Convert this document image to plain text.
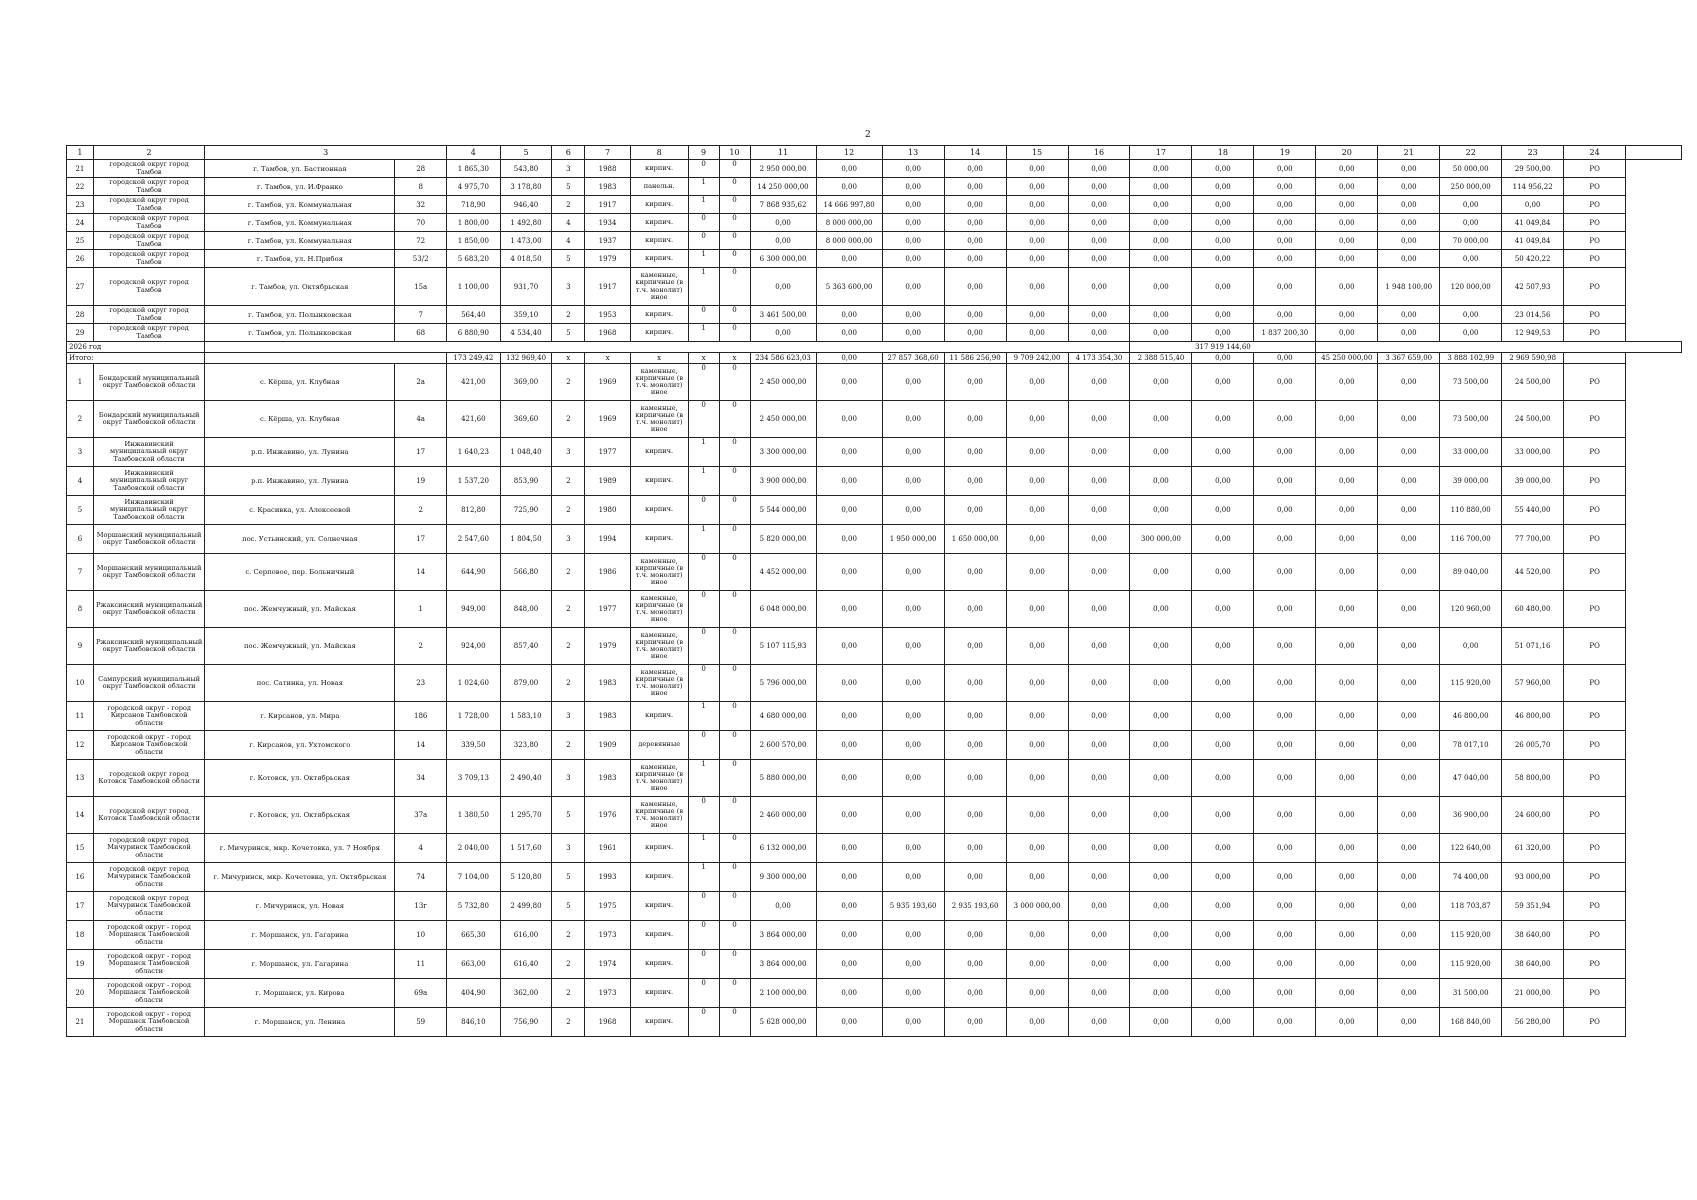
2
1	2	3		4	5	6	7	8	9	10	11	12	13	14	15	16	17	18	19	20	21	22	23	24	
21	городской округ город Тамбов	г. Тамбов, ул. Бастионная	28	1 865,30	543,80	3	1988	кирпич.	0	0	2 950 000,00	0,00	0,00	0,00	0,00	0,00	0,00	0,00	0,00	0,00	0,00	50 000,00	29 500,00	РО	
22	городской округ город Тамбов	г. Тамбов, ул. И.Франко	8	4 975,70	3 178,80	5	1983	панельн.	1	0	14 250 000,00	0,00	0,00	0,00	0,00	0,00	0,00	0,00	0,00	0,00	0,00	250 000,00	114 956,22	РО	
23	городской округ город Тамбов	г. Тамбов, ул. Коммунальная	32	718,90	946,40	2	1917	кирпич.	1	0	7 868 935,62	14 666 997,80	0,00	0,00	0,00	0,00	0,00	0,00	0,00	0,00	0,00	0,00	0,00	РО	
24	городской округ город Тамбов	г. Тамбов, ул. Коммунальная	70	1 800,00	1 492,80	4	1934	кирпич.	0	0	0,00	8 000 000,00	0,00	0,00	0,00	0,00	0,00	0,00	0,00	0,00	0,00	0,00	41 049,84	РО	
25	городской округ город Тамбов	г. Тамбов, ул. Коммунальная	72	1 850,00	1 473,00	4	1937	кирпич.	0	0	0,00	8 000 000,00	0,00	0,00	0,00	0,00	0,00	0,00	0,00	0,00	0,00	70 000,00	41 049,84	РО	
26	городской округ город Тамбов	г. Тамбов, ул. Н.Прибоя	53/2	5 683,20	4 018,50	5	1979	кирпич.	1	0	6 300 000,00	0,00	0,00	0,00	0,00	0,00	0,00	0,00	0,00	0,00	0,00	0,00	50 420,22	РО	
27	городской округ город Тамбов	г. Тамбов, ул. Октябрьская	15а	1 100,00	931,70	3	1917	каменные, кирпичные (в т.ч. монолит) иное	1	0	0,00	5 363 600,00	0,00	0,00	0,00	0,00	0,00	0,00	0,00	0,00	1 948 100,00	120 000,00	42 507,93	РО	
28	городской округ город Тамбов	г. Тамбов, ул. Полынковская	7	564,40	359,10	2	1953	кирпич.	0	0	3 461 500,00	0,00	0,00	0,00	0,00	0,00	0,00	0,00	0,00	0,00	0,00	0,00	23 014,56	РО	
29	городской округ город Тамбов	г. Тамбов, ул. Полынковская	68	6 880,90	4 534,40	5	1968	кирпич.	1	0	0,00	0,00	0,00	0,00	0,00	0,00	0,00	0,00	1 837 200,30	0,00	0,00	0,00	12 949,53	РО	
2026 год																	317 919 144,60								
Итого:				173 249,42	132 969,40	х	х	х	х	х	234 586 623,03	0,00	27 857 368,60	11 586 256,90	9 709 242,00	4 173 354,30	2 388 515,40	0,00	0,00	45 250 000,00	3 367 659,00	3 888 102,99	2 969 590,98		
1	Бондарский муниципальный округ Тамбовской области	с. Кёрша, ул. Клубная	2а	421,00	369,00	2	1969	каменные, кирпичные (в т.ч. монолит) иное	0	0	2 450 000,00	0,00	0,00	0,00	0,00	0,00	0,00	0,00	0,00	0,00	0,00	73 500,00	24 500,00	РО	
2	Бондарский муниципальный округ Тамбовской области	с. Кёрша, ул. Клубная	4а	421,60	369,60	2	1969	каменные, кирпичные (в т.ч. монолит) иное	0	0	2 450 000,00	0,00	0,00	0,00	0,00	0,00	0,00	0,00	0,00	0,00	0,00	73 500,00	24 500,00	РО	
3	Инжавинский муниципальный округ Тамбовской области	р.п. Инжавино, ул. Лунина	17	1 640,23	1 048,40	3	1977	кирпич.	1	0	3 300 000,00	0,00	0,00	0,00	0,00	0,00	0,00	0,00	0,00	0,00	0,00	33 000,00	33 000,00	РО	
4	Инжавинский муниципальный округ Тамбовской области	р.п. Инжавино, ул. Лунина	19	1 537,20	853,90	2	1989	кирпич.	1	0	3 900 000,00	0,00	0,00	0,00	0,00	0,00	0,00	0,00	0,00	0,00	0,00	39 000,00	39 000,00	РО	
5	Инжавинский муниципальный округ Тамбовской области	с. Красивка, ул. Алексеевой	2	812,80	725,90	2	1980	кирпич.	0	0	5 544 000,00	0,00	0,00	0,00	0,00	0,00	0,00	0,00	0,00	0,00	0,00	110 880,00	55 440,00	РО	
6	Моршанский муниципальный округ Тамбовской области	пос. Устьинский, ул. Солнечная	17	2 547,60	1 804,50	3	1994	кирпич.	1	0	5 820 000,00	0,00	1 950 000,00	1 650 000,00	0,00	0,00	300 000,00	0,00	0,00	0,00	0,00	116 700,00	77 700,00	РО	
7	Моршанский муниципальный округ Тамбовской области	с. Серповое, пер. Больничный	14	644,90	566,80	2	1986	каменные, кирпичные (в т.ч. монолит) иное	0	0	4 452 000,00	0,00	0,00	0,00	0,00	0,00	0,00	0,00	0,00	0,00	0,00	89 040,00	44 520,00	РО	
8	Ржаксинский муниципальный округ Тамбовской области	пос. Жемчужный, ул. Майская	1	949,00	848,00	2	1977	каменные, кирпичные (в т.ч. монолит) иное	0	0	6 048 000,00	0,00	0,00	0,00	0,00	0,00	0,00	0,00	0,00	0,00	0,00	120 960,00	60 480,00	РО	
9	Ржаксинский муниципальный округ Тамбовской области	пос. Жемчужный, ул. Майская	2	924,00	857,40	2	1979	каменные, кирпичные (в т.ч. монолит) иное	0	0	5 107 115,93	0,00	0,00	0,00	0,00	0,00	0,00	0,00	0,00	0,00	0,00	0,00	51 071,16	РО	
10	Сампурский муниципальный округ Тамбовской области	пос. Сатинка, ул. Новая	23	1 024,60	879,00	2	1983	каменные, кирпичные (в т.ч. монолит) иное	0	0	5 796 000,00	0,00	0,00	0,00	0,00	0,00	0,00	0,00	0,00	0,00	0,00	115 920,00	57 960,00	РО	
11	городской округ - город Кирсанов Тамбовской области	г. Кирсанов, ул. Мира	186	1 728,00	1 583,10	3	1983	кирпич.	1	0	4 680 000,00	0,00	0,00	0,00	0,00	0,00	0,00	0,00	0,00	0,00	0,00	46 800,00	46 800,00	РО	
12	городской округ - город Кирсанов Тамбовской области	г. Кирсанов, ул. Ухтомского	14	339,50	323,80	2	1909	деревянные	0	0	2 600 570,00	0,00	0,00	0,00	0,00	0,00	0,00	0,00	0,00	0,00	0,00	78 017,10	26 005,70	РО	
13	городской округ город Котовск Тамбовской области	г. Котовск, ул. Октябрьская	34	3 709,13	2 490,40	3	1983	каменные, кирпичные (в т.ч. монолит) иное	1	0	5 880 000,00	0,00	0,00	0,00	0,00	0,00	0,00	0,00	0,00	0,00	0,00	47 040,00	58 800,00	РО	
14	городской округ город Котовск Тамбовской области	г. Котовск, ул. Октябрьская	37а	1 380,50	1 295,70	5	1976	каменные, кирпичные (в т.ч. монолит) иное	0	0	2 460 000,00	0,00	0,00	0,00	0,00	0,00	0,00	0,00	0,00	0,00	0,00	36 900,00	24 600,00	РО	
15	городской округ город Мичуринск Тамбовской области	г. Мичуринск, мкр. Кочетовка, ул. 7 Ноября	4	2 040,00	1 517,60	3	1961	кирпич.	1	0	6 132 000,00	0,00	0,00	0,00	0,00	0,00	0,00	0,00	0,00	0,00	0,00	122 640,00	61 320,00	РО	
16	городской округ город Мичуринск Тамбовской области	г. Мичуринск, мкр. Кочетовка, ул. Октябрьская	74	7 104,00	5 120,80	5	1993	кирпич.	1	0	9 300 000,00	0,00	0,00	0,00	0,00	0,00	0,00	0,00	0,00	0,00	0,00	74 400,00	93 000,00	РО	
17	городской округ город Мичуринск Тамбовской области	г. Мичуринск, ул. Новая	13г	5 732,80	2 499,80	5	1975	кирпич.	0	0	0,00	0,00	5 935 193,60	2 935 193,60	3 000 000,00	0,00	0,00	0,00	0,00	0,00	0,00	118 703,87	59 351,94	РО	
18	городской округ - город Моршанск Тамбовской области	г. Моршанск, ул. Гагарина	10	665,30	616,00	2	1973	кирпич.	0	0	3 864 000,00	0,00	0,00	0,00	0,00	0,00	0,00	0,00	0,00	0,00	0,00	115 920,00	38 640,00	РО	
19	городской округ - город Моршанск Тамбовской области	г. Моршанск, ул. Гагарина	11	663,00	616,40	2	1974	кирпич.	0	0	3 864 000,00	0,00	0,00	0,00	0,00	0,00	0,00	0,00	0,00	0,00	0,00	115 920,00	38 640,00	РО	
20	городской округ - город Моршанск Тамбовской области	г. Моршанск, ул. Кирова	69а	404,90	362,00	2	1973	кирпич.	0	0	2 100 000,00	0,00	0,00	0,00	0,00	0,00	0,00	0,00	0,00	0,00	0,00	31 500,00	21 000,00	РО	
21	городской округ - город Моршанск Тамбовской области	г. Моршанск, ул. Ленина	59	846,10	756,90	2	1968	кирпич.	0	0	5 628 000,00	0,00	0,00	0,00	0,00	0,00	0,00	0,00	0,00	0,00	0,00	168 840,00	56 280,00	РО	
